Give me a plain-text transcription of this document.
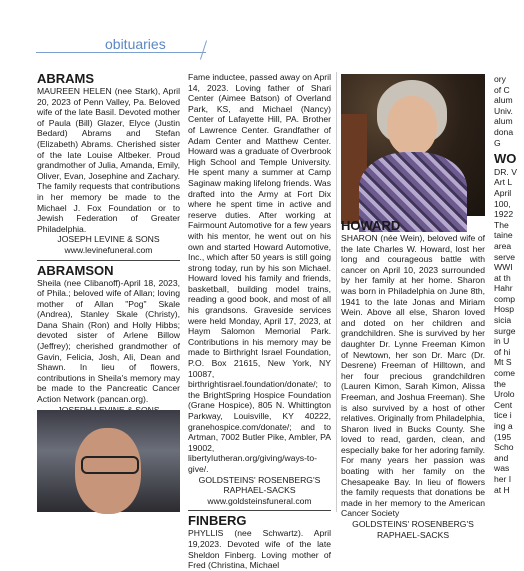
obituaries
ABRAMS

MAUREEN HELEN (nee Stark), April 20, 2023 of Penn Valley, Pa. Beloved wife of the late Basil. Devoted mother of Paula (Bill) Glazer, Elyce (Justin Bedard) Abrams and Stefan (Elizabeth) Abrams. Cherished sister of the late Louise Altbeker. Proud grandmother of Julia, Amanda, Emily, Oliver, Evan, Josephine and Zachary. The family requests that contributions in her memory be made to the Michael J. Fox Foundation or to Jewish Federation of Greater Philadelphia.

JOSEPH LEVINE & SONS

www.levinefuneral.com

ABRAMSON

Sheila (nee Clibanoff)-April 18, 2023, of Phila.; beloved wife of Allan; loving mother of Allan "Pog" Skale (Andrea), Stanley Skale (Christy), Dana Shain (Ron) and Holly Hibbs; devoted sister of Arlene Billow (Jeffrey); cherished grandmother of Gavin, Felicia, Josh, Ali, Dean and Shawn. In lieu of flowers, contributions in Sheila's memory may be made to the Pancreatic Cancer Action Network (pancan.org).

Fame inductee, passed away on April 14, 2023. Loving father of Shari Center (Aimee Batson) of Overland Park, KS, and Michael (Nancy) Center of Lafayette Hill, PA. Brother of Lawrence Center. Grandfather of Adam Center and Matthew Center. Howard was a graduate of Overbrook High School and Temple University. He spent many a summer at Camp Saginaw making lifelong friends. Was drafted into the Army at Fort Dix where he spent time in active and reserve duties. After working at Fairmount Automotive for a few years with his mentor, he went out on his own and started Howard Automotive, Inc., which after 50 years is still going strong today, run by his son Michael. Howard loved his family and friends, basketball, building model trains, reading a good book, and most of all his grandsons. Graveside services were held Monday, April 17, 2023, at Haym Salomon Memorial Park. Contributions in his memory may be made to Birthright Israel Foundation, P.O. Box 21615, New York, NY 10087, birthrightisrael.foundation/donate/; to the BrightSpring Hospice Foundation (Grane Hospice), 805 N. Whittington Parkway, Louisville, KY 40222, granehospice.com/donate/; and to Artman, 7002 Butler Pike, Ambler, PA 19002, libertyIutheran.org/giving/ways-to-give/.

GOLDSTEINS' ROSENBERG'S

RAPHAEL-SACKS

www.goldsteinsfuneral.com

FINBERG

PHYLLIS (nee Schwartz). April 19,2023. Devoted wife of the late Sheldon Finberg. Loving mother of Fred (Christina, Michael

HOWARD

SHARON (née Wein), beloved wife of the late Charles W. Howard, lost her long and courageous battle with cancer on April 10, 2023 surrounded by her family at her home. Sharon was born in Philadelphia on June 8th, 1941 to the late Jonas and Miriam Wein. Above all else, Sharon loved and doted on her children and grandchildren. She is survived by her daughter Dr. Lynne Freeman Kimon of Newtown, her son Dr. Marc (Dr. Desrene) Freeman of Hilltown, and her four precious grandchildren (Lauren Kimon, Sarah Kimon, Alissa Freeman, and Joshua Freeman). She is also survived by a host of other relatives. Originally from Philadelphia, Sharon lived in Bucks County. She loved to read, garden, clean, and especially bake for her adoring family. For many years her passion was boating with her family on the Chesapeake Bay. In lieu of flowers the family requests that donations be made in her memory to the American Cancer Society

GOLDSTEINS' ROSENBERG'S

RAPHAEL-SACKS

ory
of C
alum
Univ.
alum
dona
G
WO
DR. V
Art L
April
100,
1922
The
taine
area
serve
WWI
at th
Hahr
comp
Hosp
sicia
surge
in U
of hi
Mt S
come
the
Urolo
Cent
tice i
ing a
(195
Scho
and
was
her I
at H
